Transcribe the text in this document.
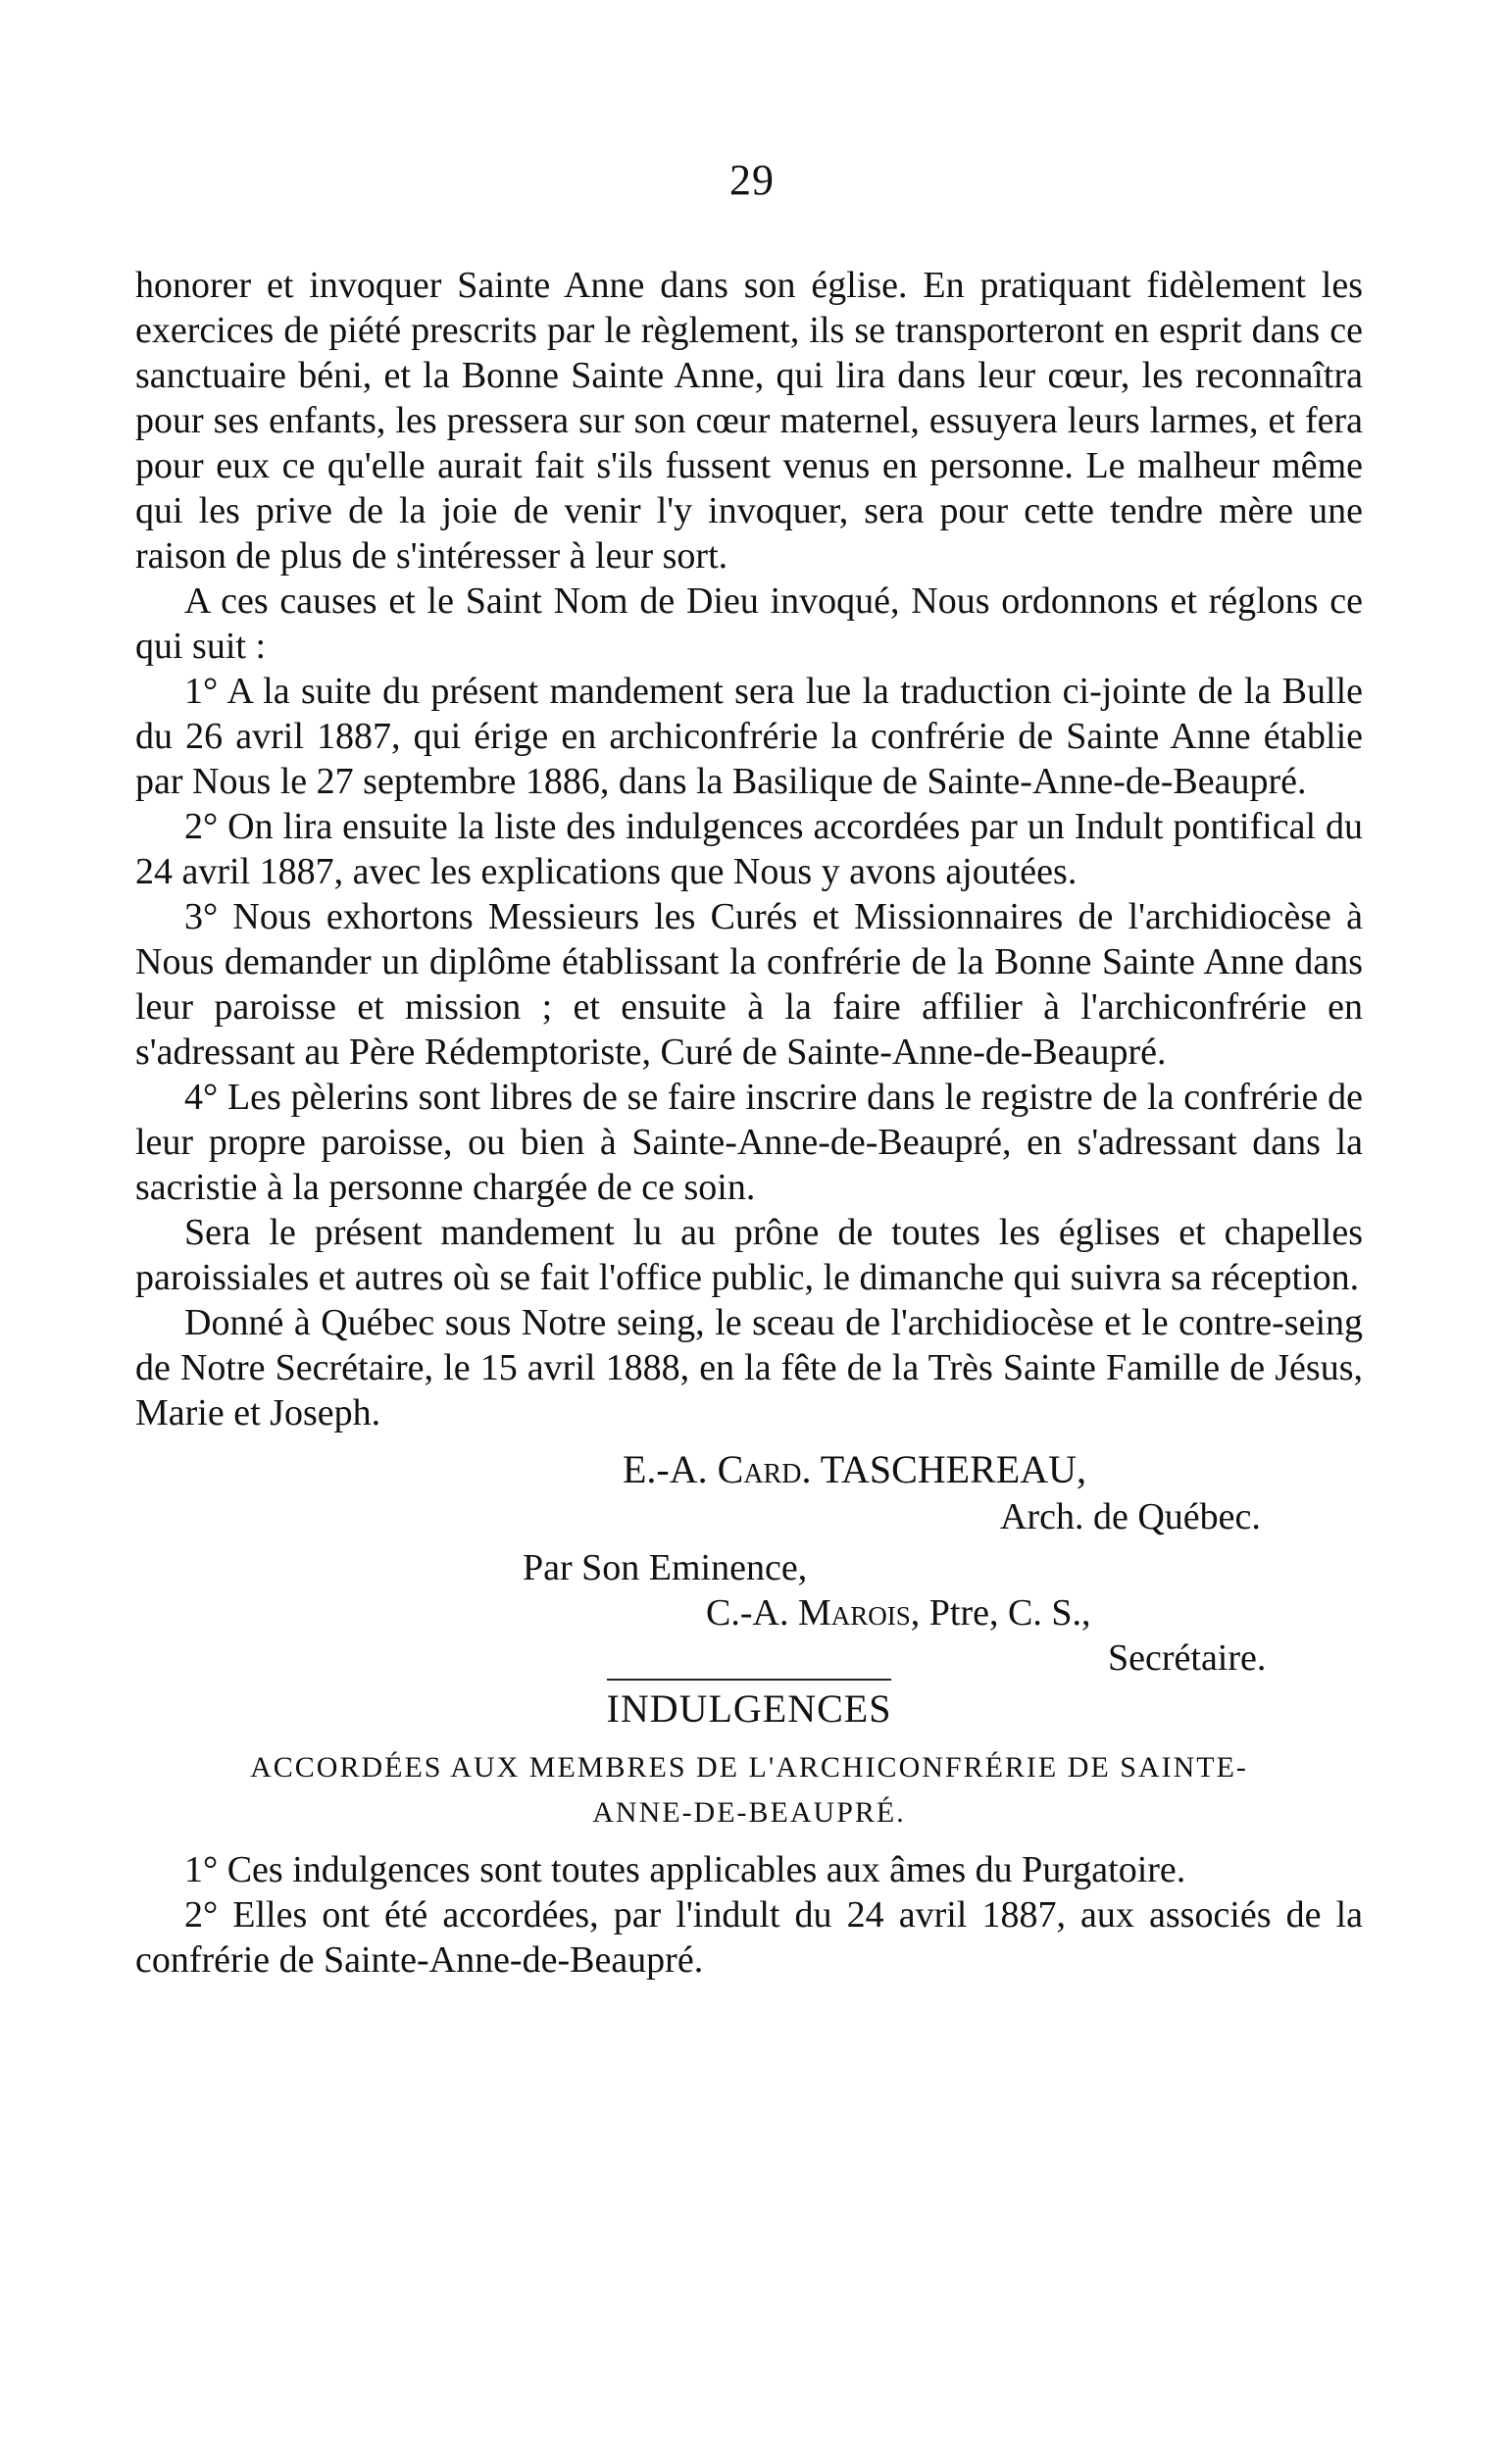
29

honorer et invoquer Sainte Anne dans son église. En pratiquant fidèlement les exercices de piété prescrits par le règlement, ils se transporteront en esprit dans ce sanctuaire béni, et la Bonne Sainte Anne, qui lira dans leur cœur, les reconnaîtra pour ses enfants, les pressera sur son cœur maternel, essuyera leurs larmes, et fera pour eux ce qu'elle aurait fait s'ils fussent venus en personne. Le malheur même qui les prive de la joie de venir l'y invoquer, sera pour cette tendre mère une raison de plus de s'intéresser à leur sort.

A ces causes et le Saint Nom de Dieu invoqué, Nous ordonnons et réglons ce qui suit :

1° A la suite du présent mandement sera lue la traduction ci-jointe de la Bulle du 26 avril 1887, qui érige en archiconfrérie la confrérie de Sainte Anne établie par Nous le 27 septembre 1886, dans la Basilique de Sainte-Anne-de-Beaupré.

2° On lira ensuite la liste des indulgences accordées par un Indult pontifical du 24 avril 1887, avec les explications que Nous y avons ajoutées.

3° Nous exhortons Messieurs les Curés et Missionnaires de l'archidiocèse à Nous demander un diplôme établissant la confrérie de la Bonne Sainte Anne dans leur paroisse et mission ; et ensuite à la faire affilier à l'archiconfrérie en s'adressant au Père Rédemptoriste, Curé de Sainte-Anne-de-Beaupré.

4° Les pèlerins sont libres de se faire inscrire dans le registre de la confrérie de leur propre paroisse, ou bien à Sainte-Anne-de-Beaupré, en s'adressant dans la sacristie à la personne chargée de ce soin.

Sera le présent mandement lu au prône de toutes les églises et chapelles paroissiales et autres où se fait l'office public, le dimanche qui suivra sa réception.

Donné à Québec sous Notre seing, le sceau de l'archidiocèse et le contre-seing de Notre Secrétaire, le 15 avril 1888, en la fête de la Très Sainte Famille de Jésus, Marie et Joseph.

E.-A. Card. TASCHEREAU,
Arch. de Québec.
Par Son Eminence,
C.-A. Marois, Ptre, C. S.,
Secrétaire.
INDULGENCES
ACCORDÉES AUX MEMBRES DE L'ARCHICONFRÉRIE DE SAINTE-
ANNE-DE-BEAUPRÉ.

1° Ces indulgences sont toutes applicables aux âmes du Purgatoire.

2° Elles ont été accordées, par l'indult du 24 avril 1887, aux associés de la confrérie de Sainte-Anne-de-Beaupré.
